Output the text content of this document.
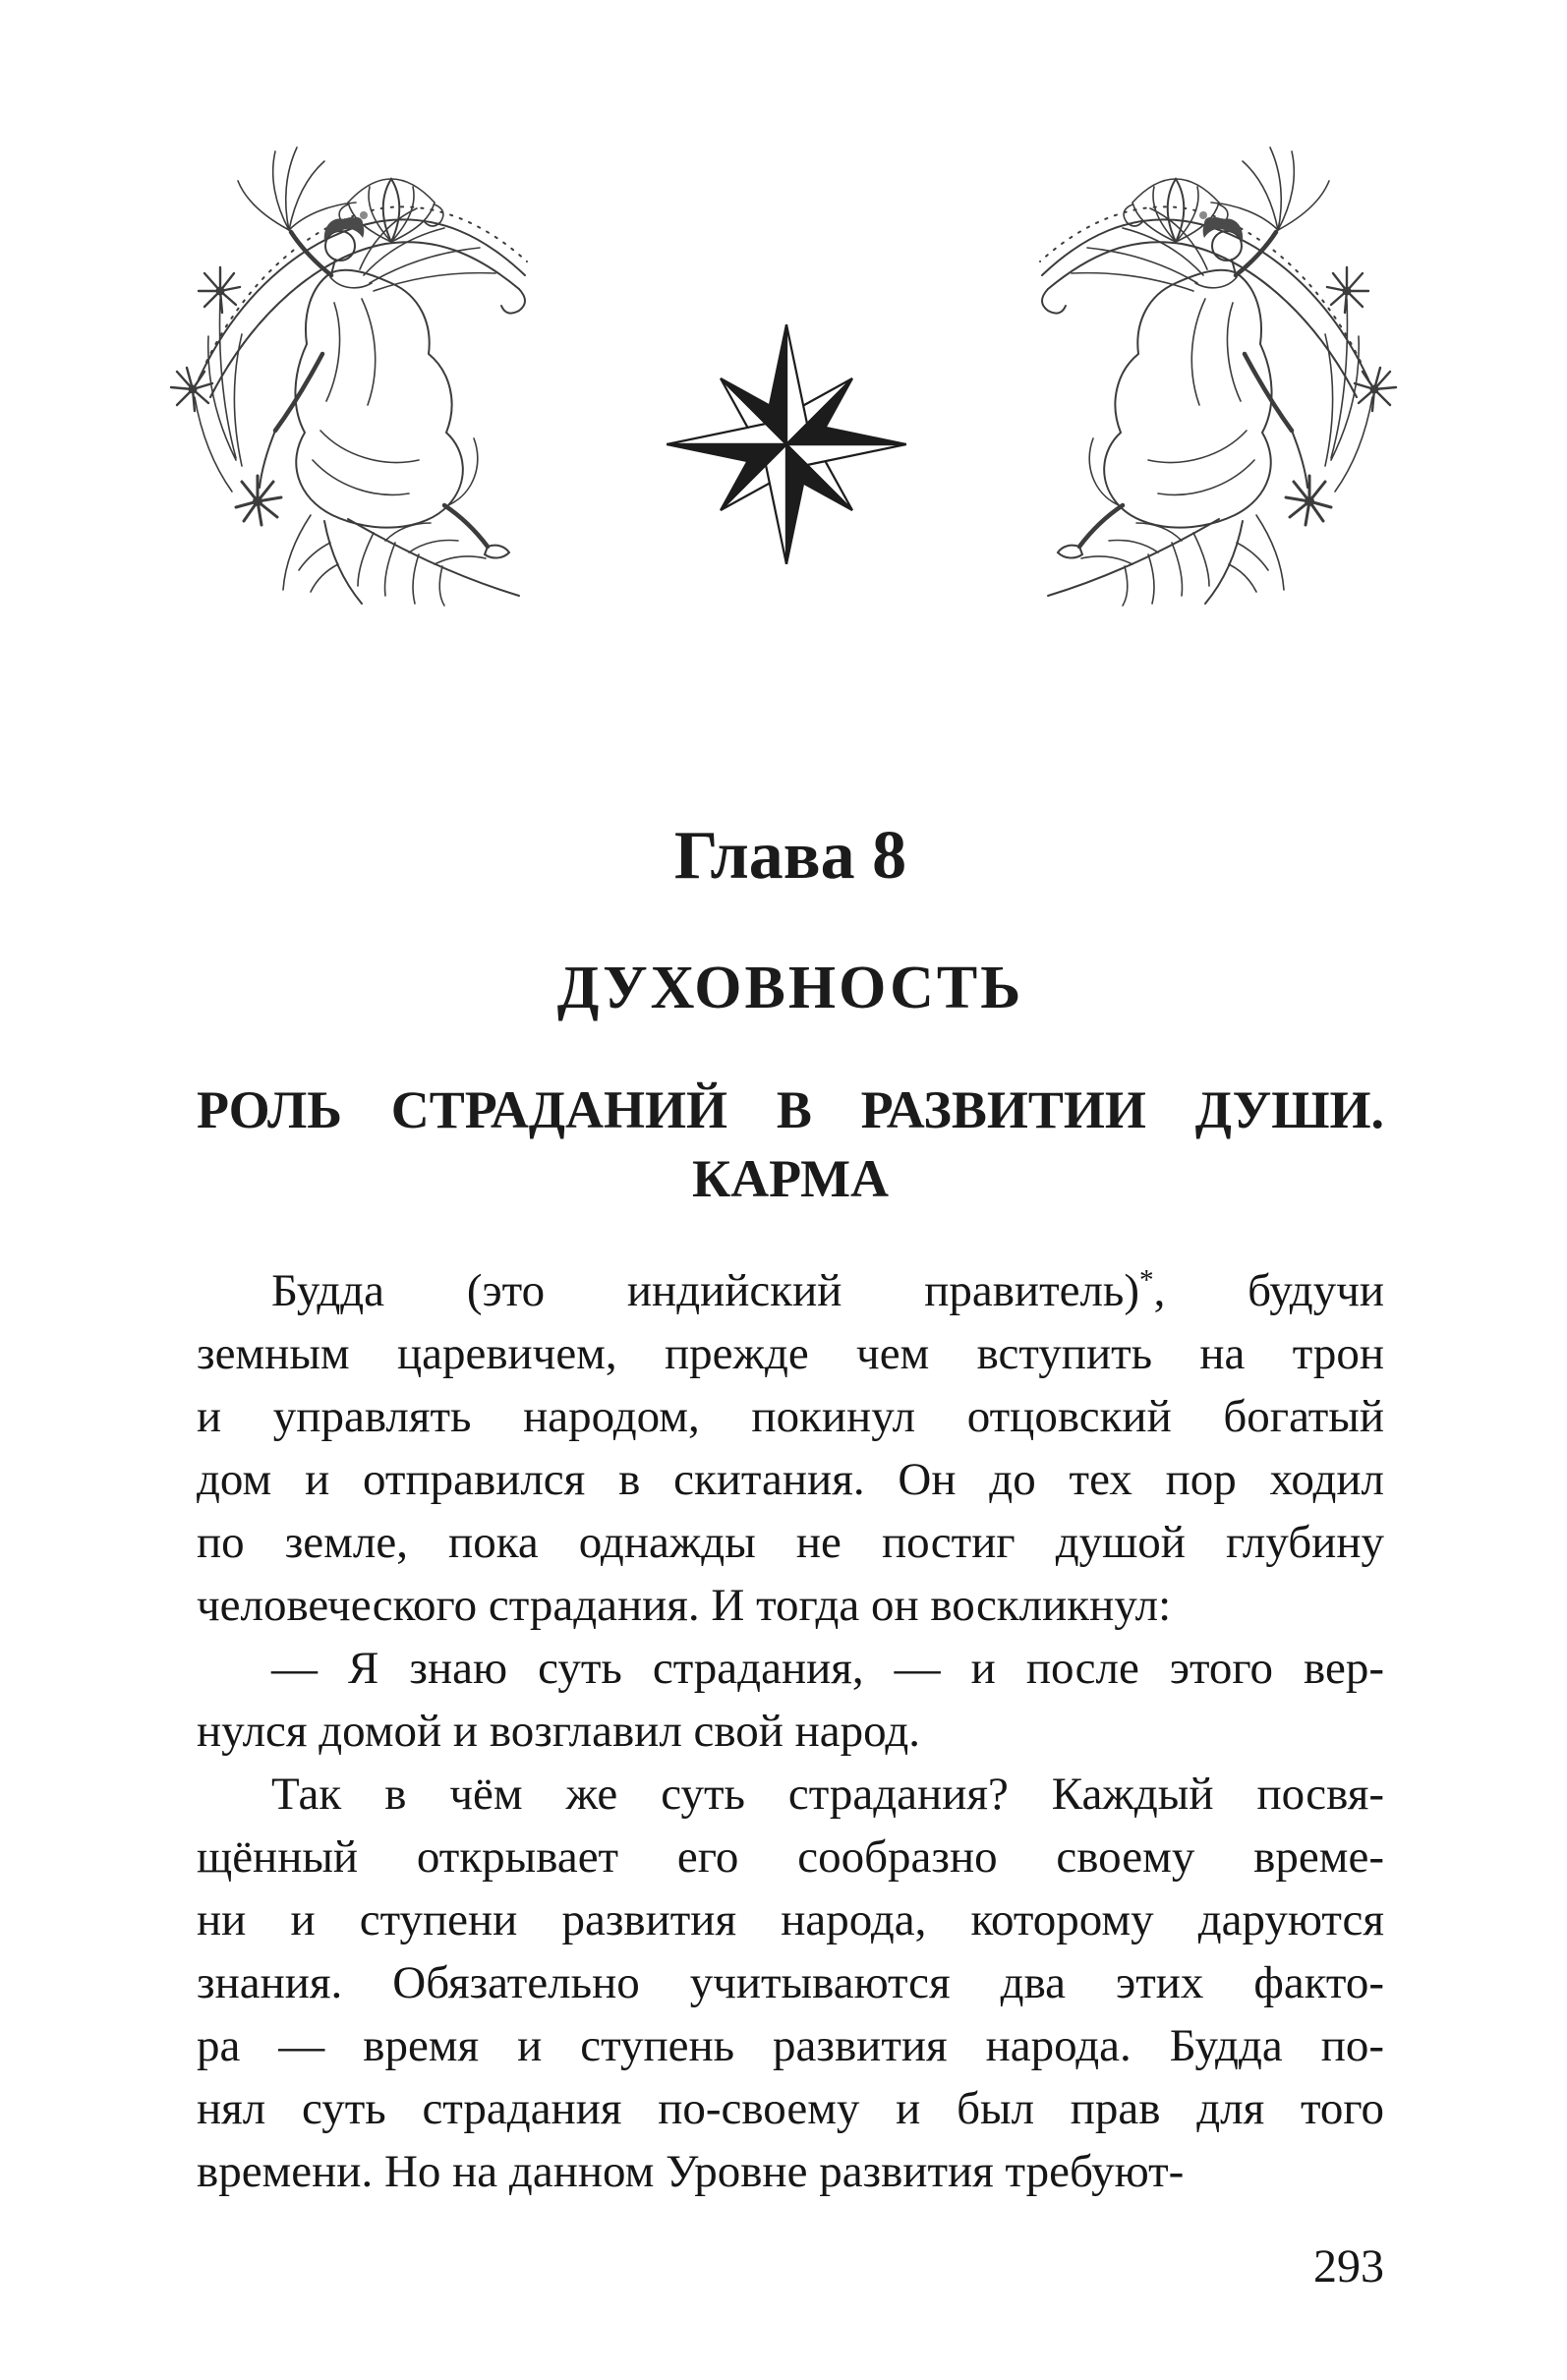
Глава 8
ДУХОВНОСТЬ
РОЛЬ СТРАДАНИЙ В РАЗВИТИИ ДУШИ.
КАРМА
Будда (это индийский правитель)*, будучи
земным царевичем, прежде чем вступить на трон
и управлять народом, покинул отцовский богатый
дом и отправился в скитания. Он до тех пор ходил
по земле, пока однажды не постиг душой глубину
человеческого страдания. И тогда он воскликнул:
— Я знаю суть страдания, — и после этого вер-
нулся домой и возглавил свой народ.
Так в чём же суть страдания? Каждый посвя-
щённый открывает его сообразно своему време-
ни и ступени развития народа, которому даруются
знания. Обязательно учитываются два этих факто-
ра — время и ступень развития народа. Будда по-
нял суть страдания по-своему и был прав для того
времени. Но на данном Уровне развития требуют-
293
